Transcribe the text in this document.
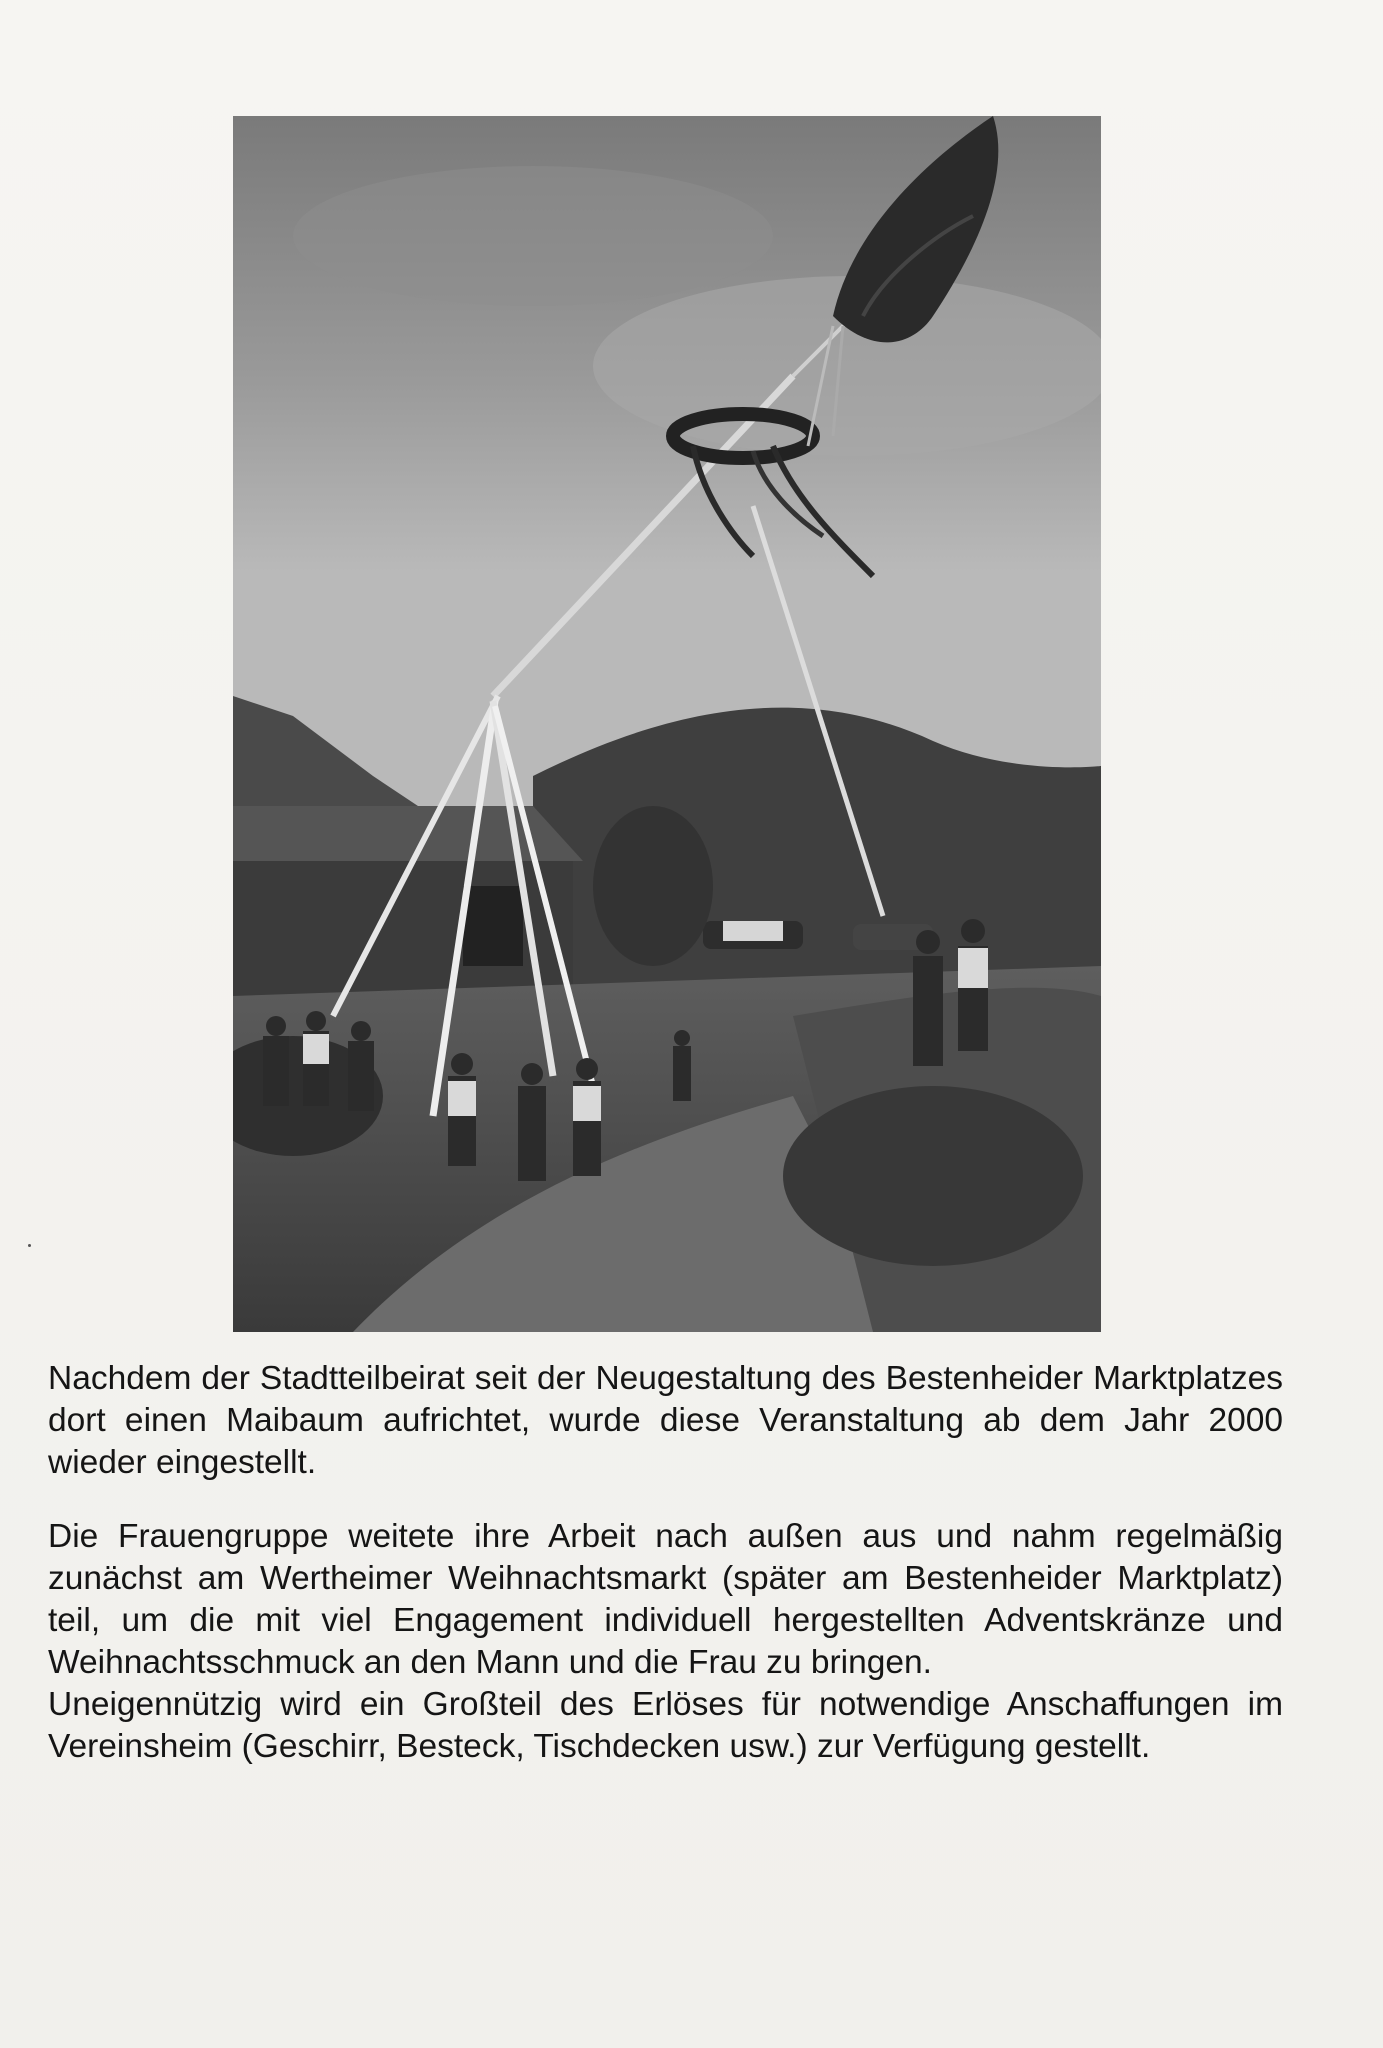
Nachdem der Stadtteilbeirat seit der Neugestaltung des Bestenheider Marktplatzes dort einen Maibaum aufrichtet, wurde diese Veranstaltung ab dem Jahr 2000 wieder eingestellt.

Die Frauengruppe weitete ihre Arbeit nach außen aus und nahm regelmäßig zunächst am Wertheimer Weihnachtsmarkt (später am Bestenheider Marktplatz) teil, um die mit viel Engagement individuell hergestellten Adventskränze und Weihnachtsschmuck an den Mann und die Frau zu bringen.

Uneigennützig wird ein Großteil des Erlöses für notwendige Anschaffungen im Vereinsheim (Geschirr, Besteck, Tischdecken usw.) zur Verfügung gestellt.
